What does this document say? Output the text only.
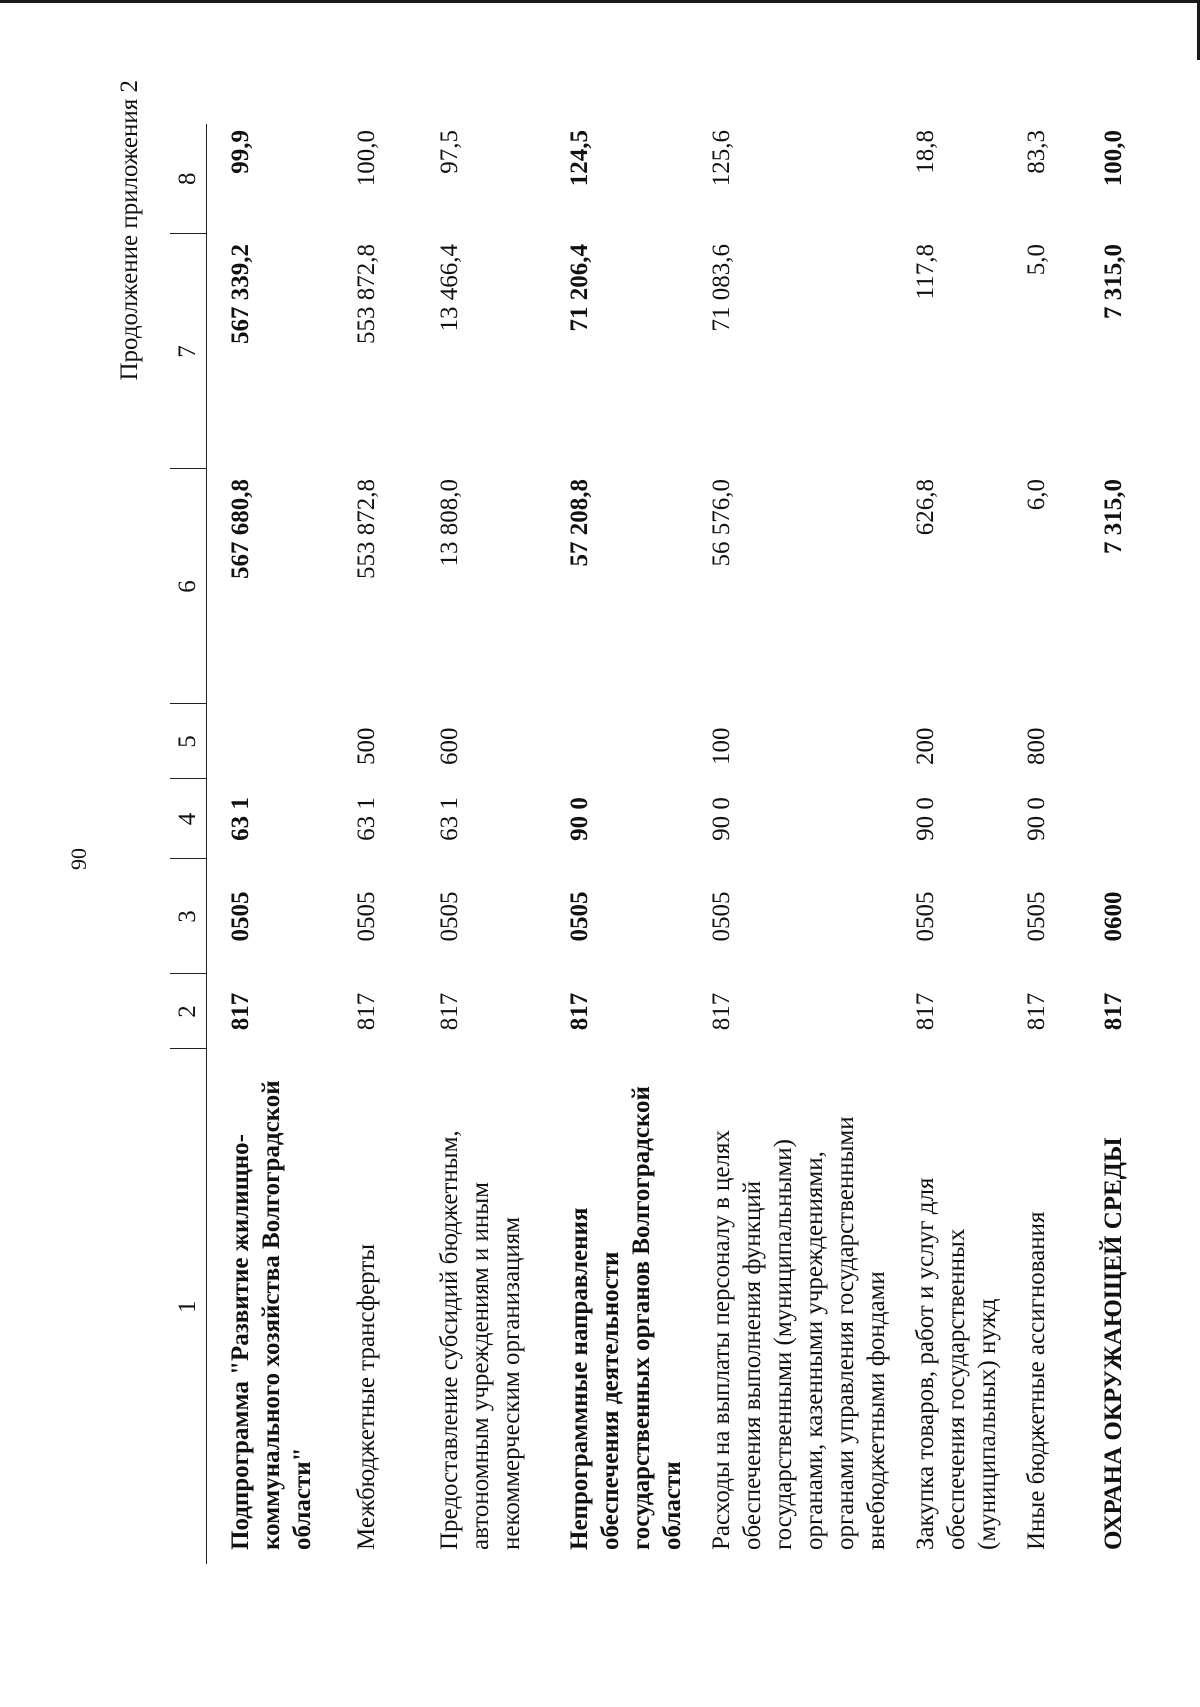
90
Продолжение приложения 2
1	2	3	4	5	6	7	8
Подпрограмма "Развитие жилищно-коммунального хозяйства Волгоградской области"	817	0505	63 1		567 680,8	567 339,2	99,9
Межбюджетные трансферты	817	0505	63 1	500	553 872,8	553 872,8	100,0
Предоставление субсидий бюджетным, автономным учреждениям и иным некоммерческим организациям	817	0505	63 1	600	13 808,0	13 466,4	97,5
Непрограммные направления обеспечения деятельности государственных органов Волгоградской области	817	0505	90 0		57 208,8	71 206,4	124,5
Расходы на выплаты персоналу в целях обеспечения выполнения функций государственными (муниципальными) органами, казенными учреждениями, органами управления государственными внебюджетными фондами	817	0505	90 0	100	56 576,0	71 083,6	125,6
Закупка товаров, работ и услуг для обеспечения государственных (муниципальных) нужд	817	0505	90 0	200	626,8	117,8	18,8
Иные бюджетные ассигнования	817	0505	90 0	800	6,0	5,0	83,3
ОХРАНА ОКРУЖАЮЩЕЙ СРЕДЫ	817	0600			7 315,0	7 315,0	100,0
